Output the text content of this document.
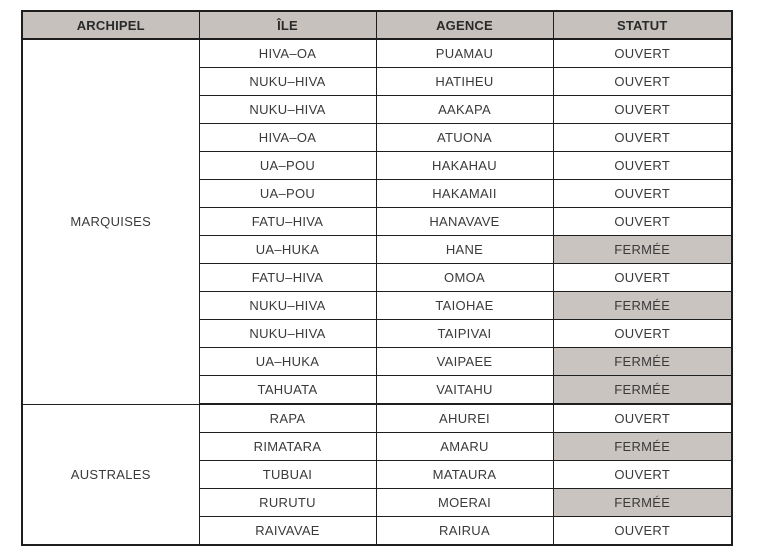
ARCHIPEL	ÎLE	AGENCE	STATUT
MARQUISES	HIVA–OA	PUAMAU	OUVERT
	NUKU–HIVA	HATIHEU	OUVERT
	NUKU–HIVA	AAKAPA	OUVERT
	HIVA–OA	ATUONA	OUVERT
	UA–POU	HAKAHAU	OUVERT
	UA–POU	HAKAMAII	OUVERT
	FATU–HIVA	HANAVAVE	OUVERT
	UA–HUKA	HANE	FERMÉE
	FATU–HIVA	OMOA	OUVERT
	NUKU–HIVA	TAIOHAE	FERMÉE
	NUKU–HIVA	TAIPIVAI	OUVERT
	UA–HUKA	VAIPAEE	FERMÉE
	TAHUATA	VAITAHU	FERMÉE
AUSTRALES	RAPA	AHUREI	OUVERT
	RIMATARA	AMARU	FERMÉE
	TUBUAI	MATAURA	OUVERT
	RURUTU	MOERAI	FERMÉE
	RAIVAVAE	RAIRUA	OUVERT
